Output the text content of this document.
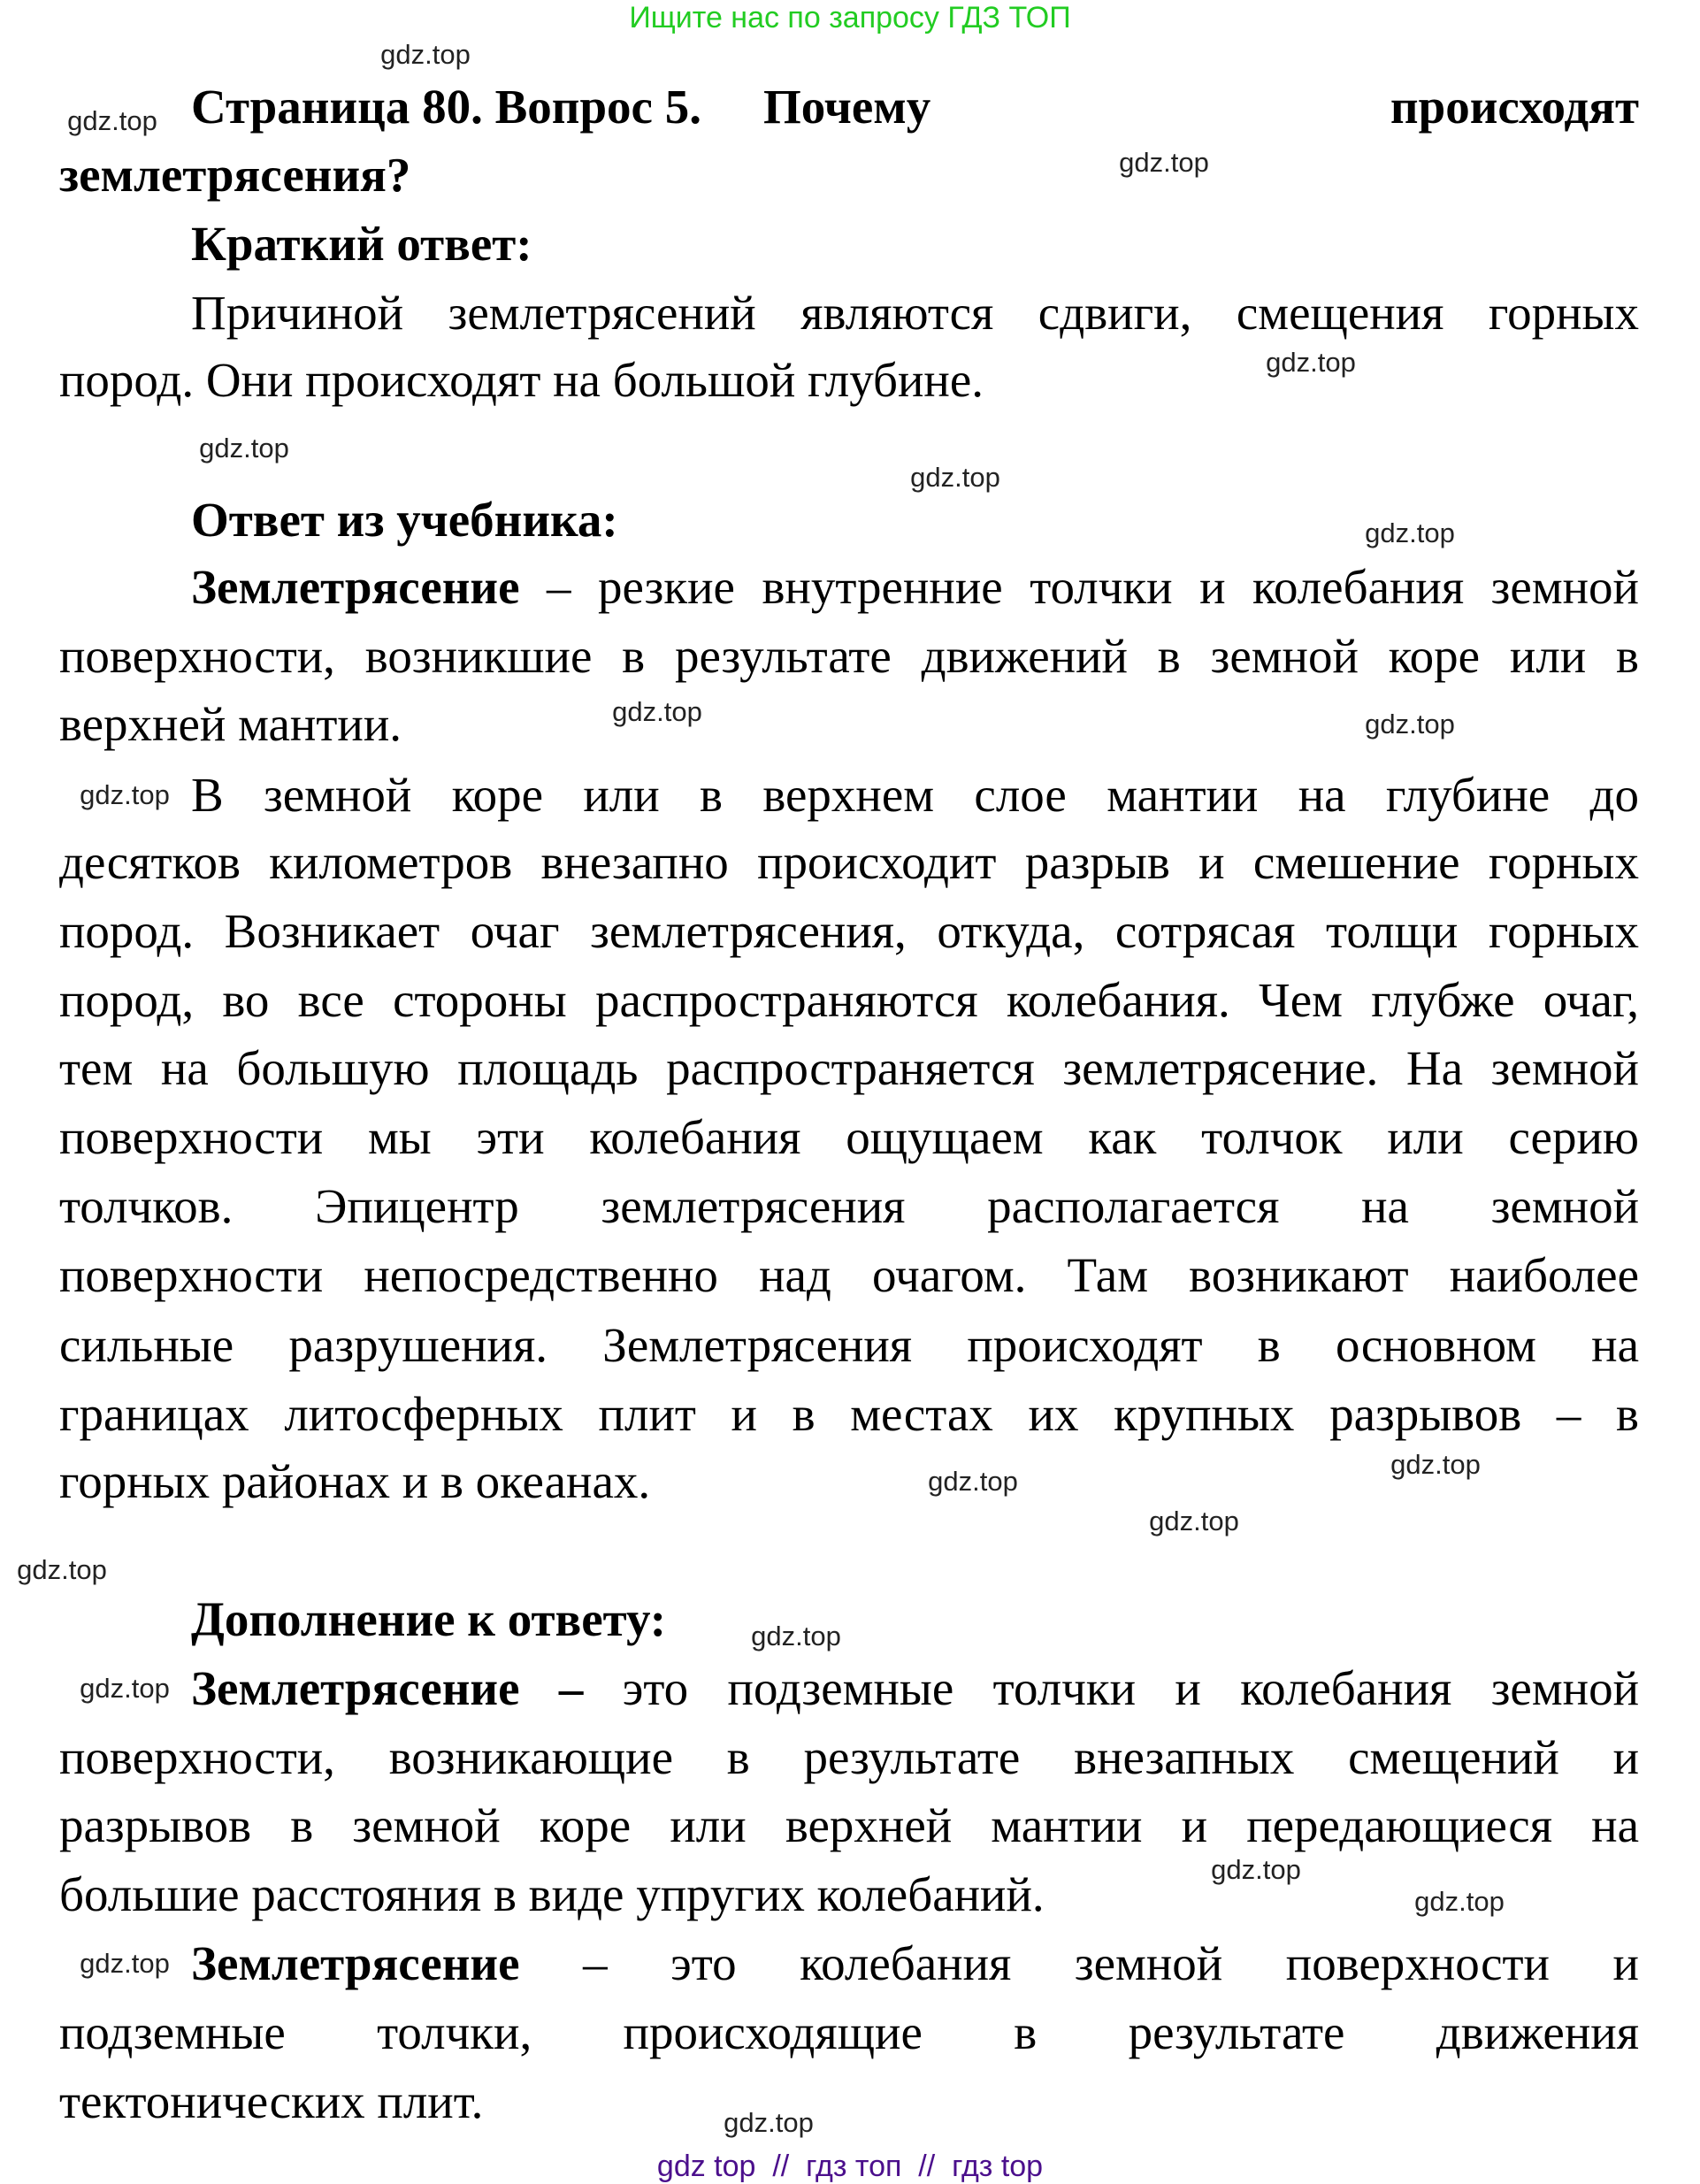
Ищите нас по запросу ГДЗ ТОП
Страница 80. Вопрос 5. Почему	происходят
землетрясения?
Краткий ответ:
Причиной землетрясений являются сдвиги, смещения горных
пород. Они происходят на большой глубине.
Ответ из учебника:
Землетрясение – резкие внутренние толчки и колебания земной
поверхности, возникшие в результате движений в земной коре или в
верхней мантии.
В земной коре или в верхнем слое мантии на глубине до
десятков километров внезапно происходит разрыв и смешение горных
пород. Возникает очаг землетрясения, откуда, сотрясая толщи горных
пород, во все стороны распространяются колебания. Чем глубже очаг,
тем на большую площадь распространяется землетрясение. На земной
поверхности мы эти колебания ощущаем как толчок или серию
толчков. Эпицентр землетрясения располагается на земной
поверхности непосредственно над очагом. Там возникают наиболее
сильные разрушения. Землетрясения происходят в основном на
границах литосферных плит и в местах их крупных разрывов – в
горных районах и в океанах.
Дополнение к ответу:
Землетрясение – это подземные толчки и колебания земной
поверхности, возникающие в результате внезапных смещений и
разрывов в земной коре или верхней мантии и передающиеся на
большие расстояния в виде упругих колебаний.
Землетрясение – это колебания земной поверхности и
подземные толчки, происходящие в результате движения
тектонических плит.
gdz.top
gdz.top
gdz.top
gdz.top
gdz.top
gdz.top
gdz.top
gdz.top	gdz.top
gdz.top
gdz.top
gdz.top
gdz.top
gdz.top
gdz.top
gdz.top
gdz.top
gdz.top
gdz.top
gdz.top
gdz top  //  гдз топ  //  гдз top
